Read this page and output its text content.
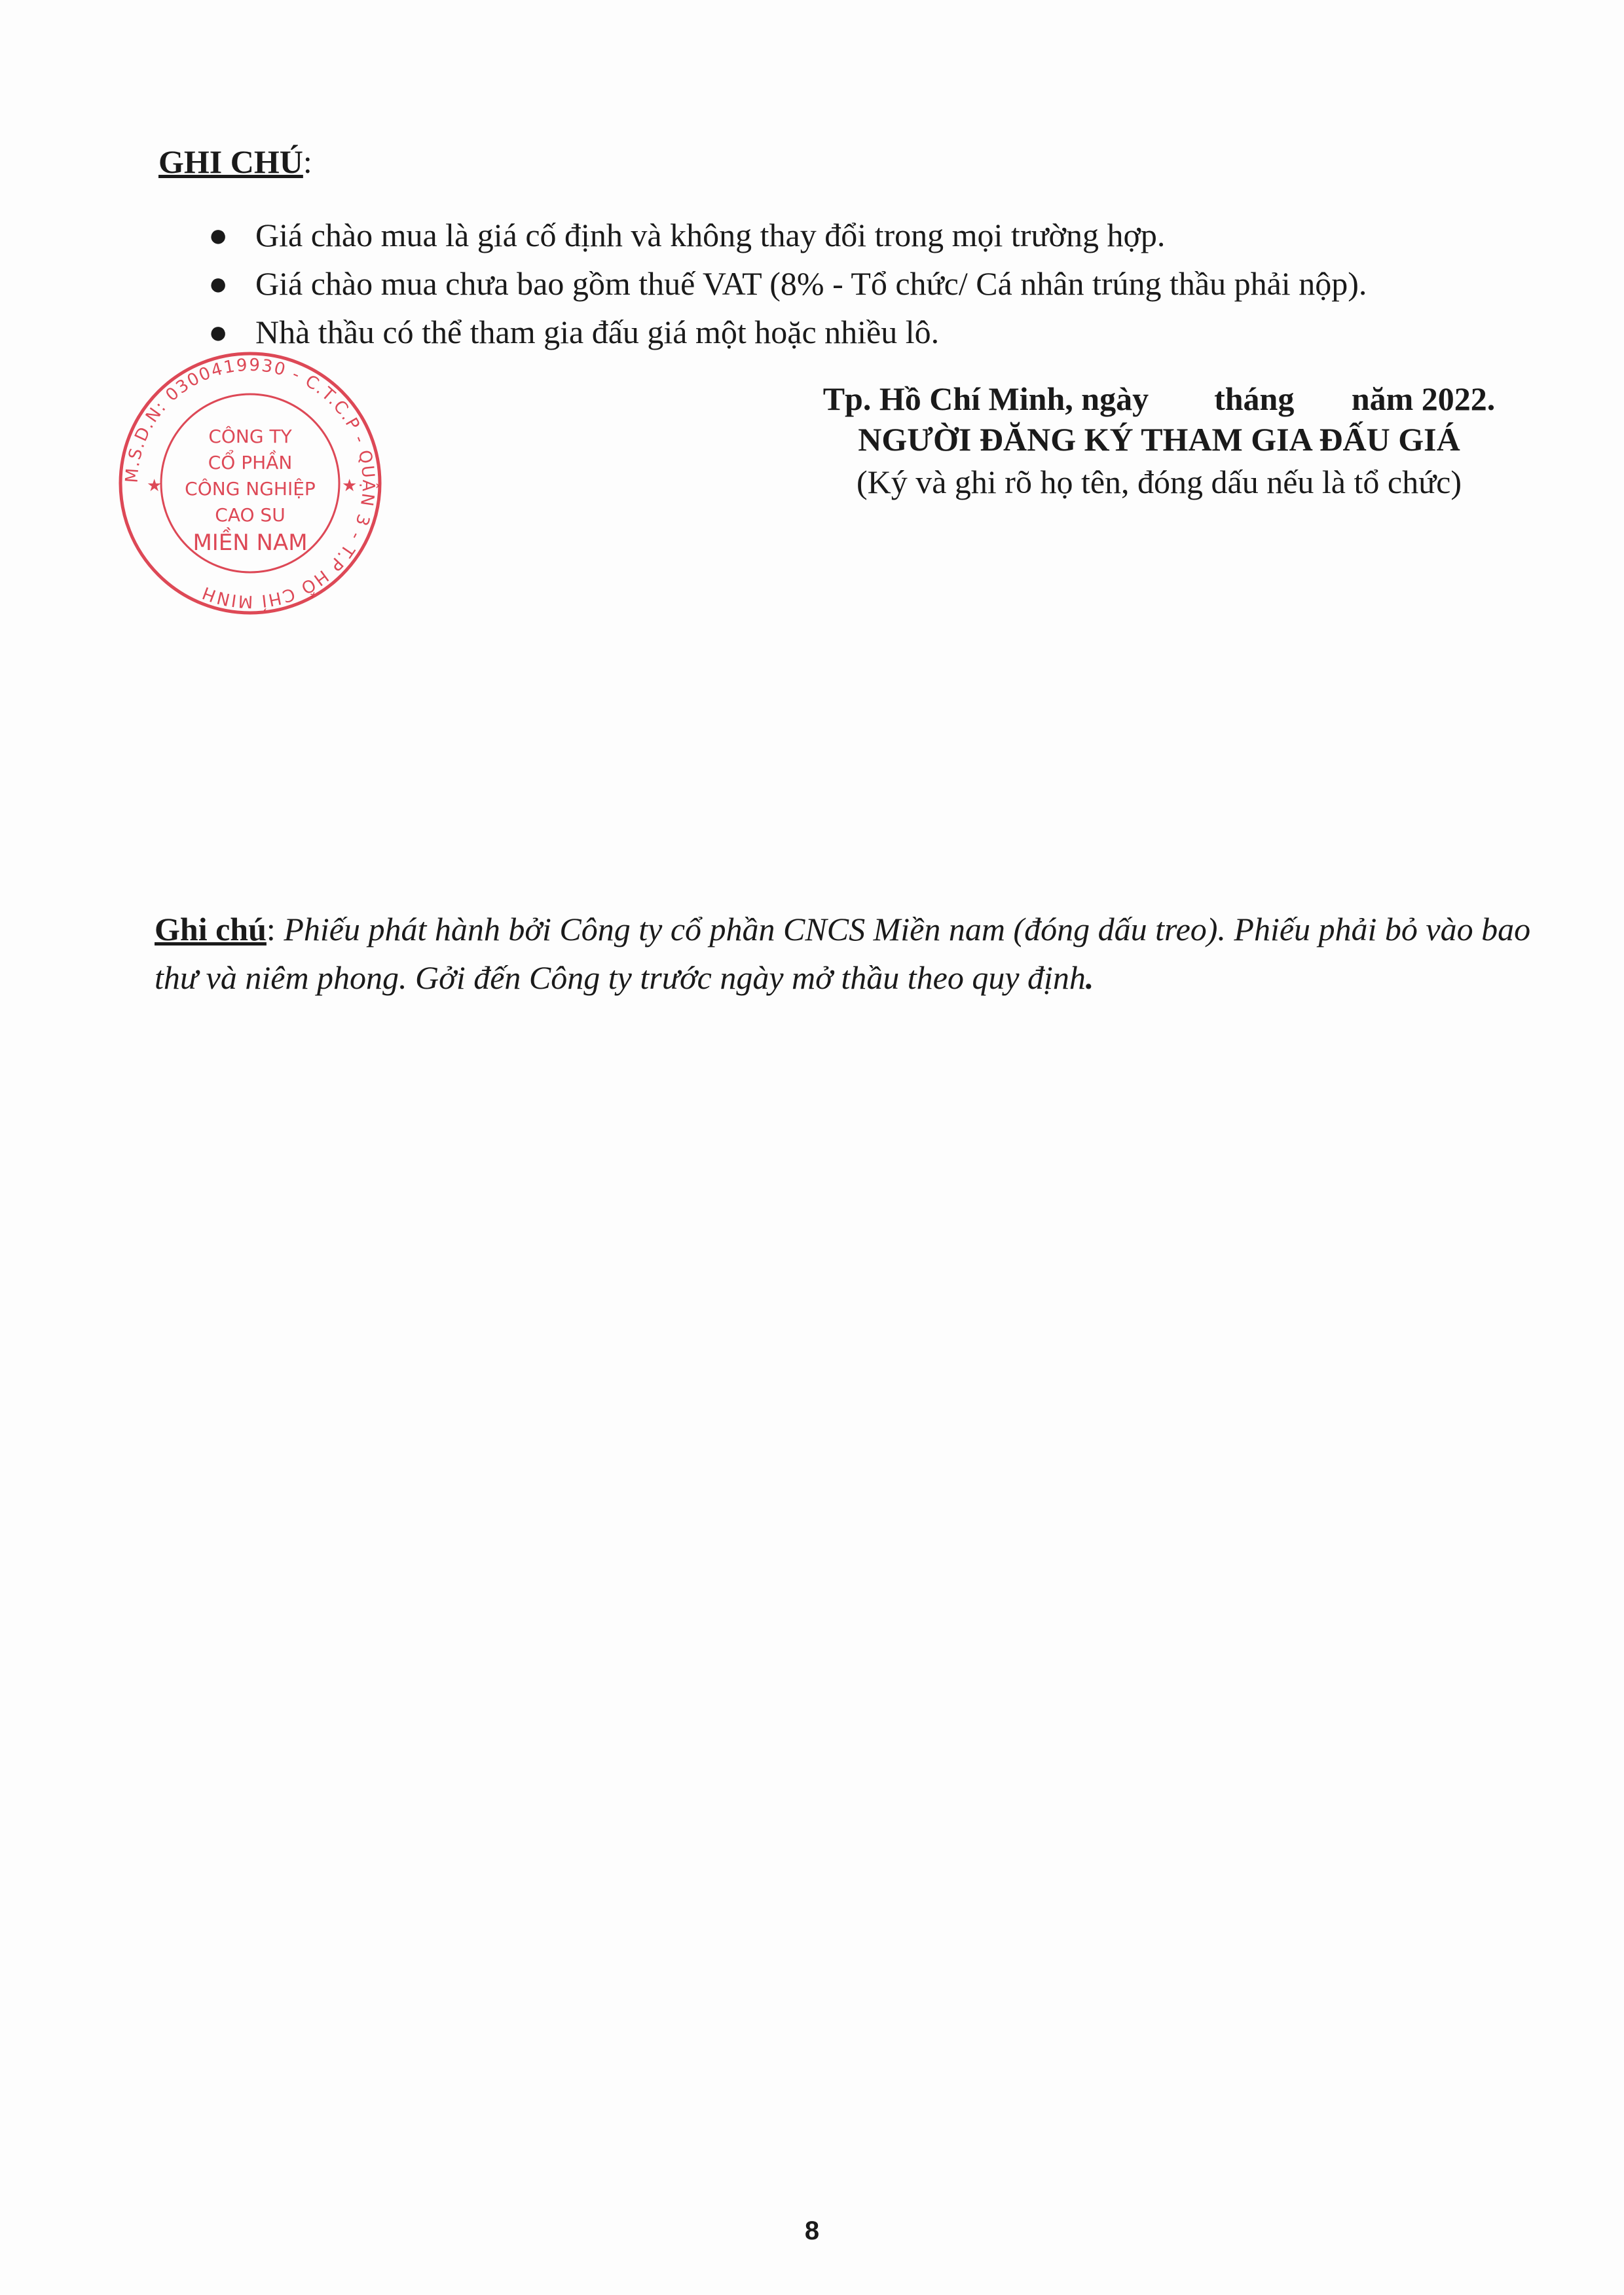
GHI CHÚ:
● Giá chào mua là giá cố định và không thay đổi trong mọi trường hợp.
● Giá chào mua chưa bao gồm thuế VAT (8% - Tổ chức/ Cá nhân trúng thầu phải nộp).
● Nhà thầu có thể tham gia đấu giá một hoặc nhiều lô.
M.S.D.N: 0300419930 - C.T.C.P - QUẬN 3 - T.P HỒ CHÍ MINH
CÔNG TY
CỔ PHẦN
CÔNG NGHIỆP
CAO SU
MIỀN NAM
★	★
Tp. Hồ Chí Minh, ngày        tháng       năm 2022.
NGƯỜI ĐĂNG KÝ THAM GIA ĐẤU GIÁ
(Ký và ghi rõ họ tên, đóng dấu nếu là tổ chức)
Ghi chú: Phiếu phát hành bởi Công ty cổ phần CNCS Miền nam (đóng dấu treo). Phiếu phải bỏ vào bao thư và niêm phong. Gởi đến Công ty trước ngày mở thầu theo quy định.
8
